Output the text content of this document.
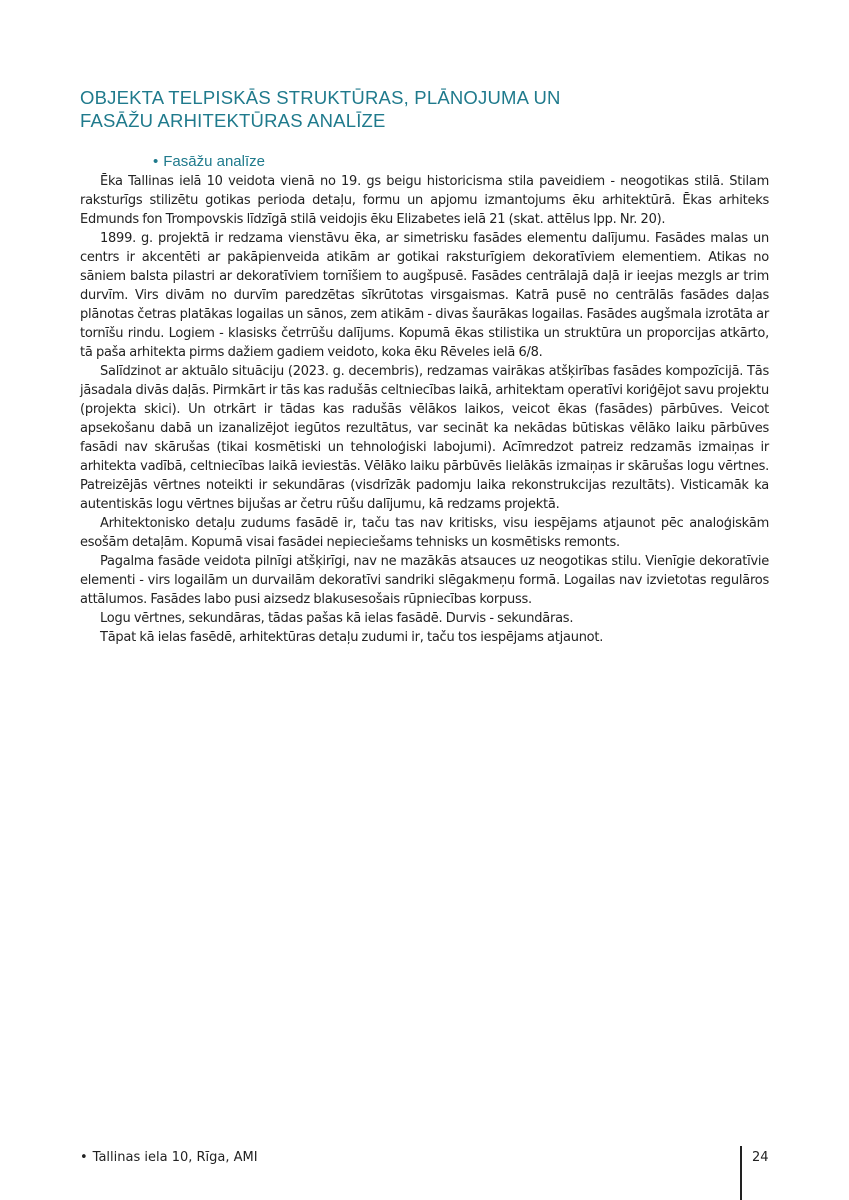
OBJEKTA TELPISKĀS STRUKTŪRAS, PLĀNOJUMA UN
FASĀŽU ARHITEKTŪRAS ANALĪZE
• Fasāžu analīze

Ēka Tallinas ielā 10 veidota vienā no 19. gs beigu historicisma stila paveidiem - neogotikas stilā. Stilam raksturīgs stilizētu gotikas perioda detaļu, formu un apjomu izmantojums ēku arhitektūrā. Ēkas arhiteks Edmunds fon Trompovskis līdzīgā stilā veidojis ēku Elizabetes ielā 21 (skat. attēlus lpp. Nr. 20).

1899. g. projektā ir redzama vienstāvu ēka, ar simetrisku fasādes elementu dalījumu. Fasādes malas un centrs ir akcentēti ar pakāpienveida atikām ar gotikai raksturīgiem dekoratīviem elementiem. Atikas no sāniem balsta pilastri ar dekoratīviem tornīšiem to augšpusē. Fasādes centrālajā daļā ir ieejas mezgls ar trim durvīm. Virs divām no durvīm paredzētas sīkrūtotas virsgaismas. Katrā pusē no centrālās fasādes daļas plānotas četras platākas logailas un sānos, zem atikām - divas šaurākas logailas. Fasādes augšmala izrotāta ar tornīšu rindu. Logiem - klasisks četrrūšu dalījums. Kopumā ēkas stilistika un struktūra un proporcijas atkārto, tā paša arhitekta pirms dažiem gadiem veidoto, koka ēku Rēveles ielā 6/8.

Salīdzinot ar aktuālo situāciju (2023. g. decembris), redzamas vairākas atšķirības fasādes kompozīcijā. Tās jāsadala divās daļās. Pirmkārt ir tās kas radušās celtniecības laikā, arhitektam operatīvi koriģējot savu projektu (projekta skici). Un otrkārt ir tādas kas radušās vēlākos laikos, veicot ēkas (fasādes) pārbūves. Veicot apsekošanu dabā un izanalizējot iegūtos rezultātus, var secināt ka nekādas būtiskas vēlāko laiku pārbūves fasādi nav skārušas (tikai kosmētiski un tehnoloģiski labojumi). Acīmredzot patreiz redzamās izmaiņas ir arhitekta vadībā, celtniecības laikā ieviestās. Vēlāko laiku pārbūvēs lielākās izmaiņas ir skārušas logu vērtnes. Patreizējās vērtnes noteikti ir sekundāras (visdrīzāk padomju laika rekonstrukcijas rezultāts). Visticamāk ka autentiskās logu vērtnes bijušas ar četru rūšu dalījumu, kā redzams projektā.

Arhitektonisko detaļu zudums fasādē ir, taču tas nav kritisks, visu iespējams atjaunot pēc analoģiskām esošām detaļām. Kopumā visai fasādei nepieciešams tehnisks un kosmētisks remonts.

Pagalma fasāde veidota pilnīgi atšķirīgi, nav ne mazākās atsauces uz neogotikas stilu. Vienīgie dekoratīvie elementi - virs logailām un durvailām dekoratīvi sandriki slēgakmeņu formā. Logailas nav izvietotas regulāros attālumos. Fasādes labo pusi aizsedz blakusesošais rūpniecības korpuss.

Logu vērtnes, sekundāras, tādas pašas kā ielas fasādē. Durvis - sekundāras.

Tāpat kā ielas fasēdē, arhitektūras detaļu zudumi ir, taču tos iespējams atjaunot.

• Tallinas iela 10, Rīga, AMI	24
